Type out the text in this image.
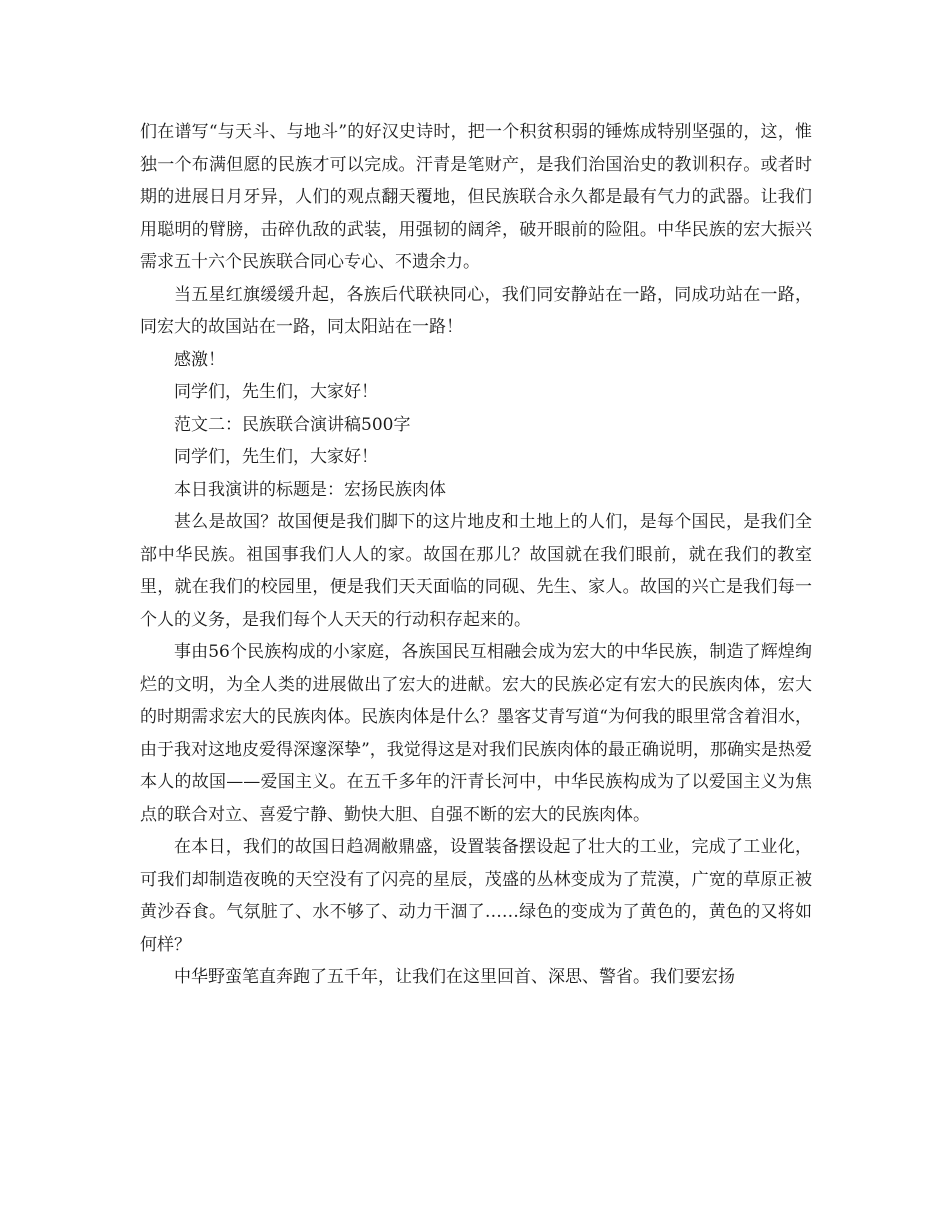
们在谱写“与天斗、与地斗”的好汉史诗时，把一个积贫积弱的锤炼成特别坚强的，这，惟独一个布满但愿的民族才可以完成。汗青是笔财产，是我们治国治史的教训积存。或者时期的进展日月牙异，人们的观点翻天覆地，但民族联合永久都是最有气力的武器。让我们用聪明的臂膀，击碎仇敌的武装，用强韧的阔斧，破开眼前的险阻。中华民族的宏大振兴需求五十六个民族联合同心专心、不遗余力。

当五星红旗缓缓升起，各族后代联袂同心，我们同安静站在一路，同成功站在一路，同宏大的故国站在一路，同太阳站在一路！

感激！

同学们，先生们，大家好！

范文二：民族联合演讲稿500字

同学们，先生们，大家好！

本日我演讲的标题是：宏扬民族肉体

甚么是故国？故国便是我们脚下的这片地皮和土地上的人们，是每个国民，是我们全部中华民族。祖国事我们人人的家。故国在那儿？故国就在我们眼前，就在我们的教室里，就在我们的校园里，便是我们天天面临的同砚、先生、家人。故国的兴亡是我们每一个人的义务，是我们每个人天天的行动积存起来的。

事由56个民族构成的小家庭，各族国民互相融会成为宏大的中华民族，制造了辉煌绚烂的文明，为全人类的进展做出了宏大的进献。宏大的民族必定有宏大的民族肉体，宏大的时期需求宏大的民族肉体。民族肉体是什么？墨客艾青写道“为何我的眼里常含着泪水，由于我对这地皮爱得深邃深挚”，我觉得这是对我们民族肉体的最正确说明，那确实是热爱本人的故国——爱国主义。在五千多年的汗青长河中，中华民族构成为了以爱国主义为焦点的联合对立、喜爱宁静、勤快大胆、自强不断的宏大的民族肉体。

在本日，我们的故国日趋凋敝鼎盛，设置装备摆设起了壮大的工业，完成了工业化，可我们却制造夜晚的天空没有了闪亮的星辰，茂盛的丛林变成为了荒漠，广宽的草原正被黄沙吞食。气氛脏了、水不够了、动力干涸了……绿色的变成为了黄色的，黄色的又将如何样？

中华野蛮笔直奔跑了五千年，让我们在这里回首、深思、警省。我们要宏扬
